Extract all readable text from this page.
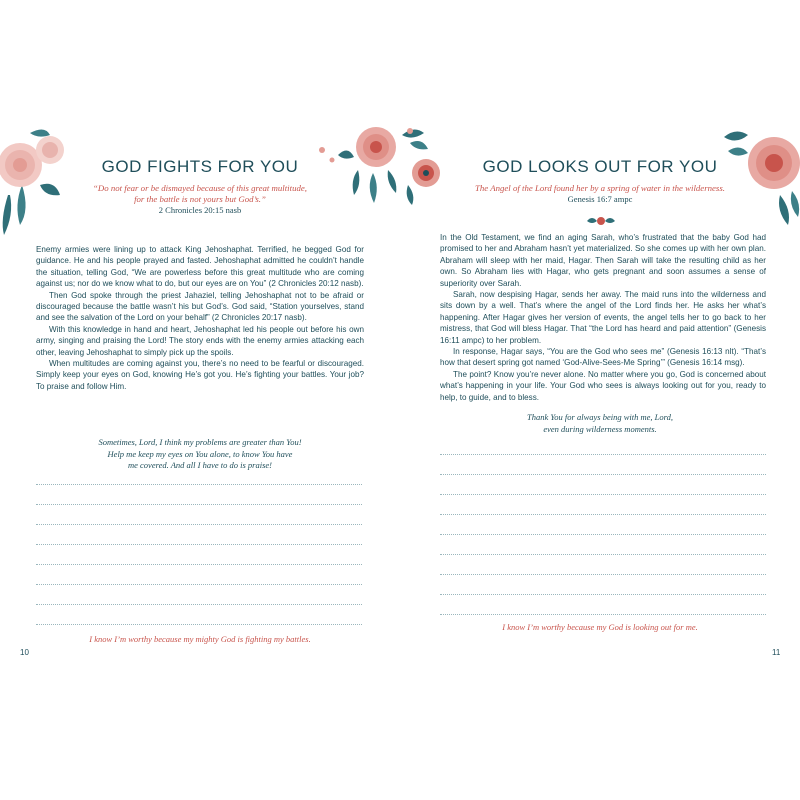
GOD FIGHTS FOR YOU
“Do not fear or be dismayed because of this great multitude,
for the battle is not yours but God’s.”
2 Chronicles 20:15 nasb

Enemy armies were lining up to attack King Jehoshaphat. Terrified, he begged God for guidance. He and his people prayed and fasted. Jehoshaphat admitted he couldn’t handle the situation, telling God, “We are powerless before this great multitude who are coming against us; nor do we know what to do, but our eyes are on You” (2 Chronicles 20:12 nasb).

Then God spoke through the priest Jahaziel, telling Jehoshaphat not to be afraid or discouraged because the battle wasn’t his but God’s. God said, “Station yourselves, stand and see the salvation of the Lord on your behalf” (2 Chronicles 20:17 nasb).

With this knowledge in hand and heart, Jehoshaphat led his people out before his own army, singing and praising the Lord! The story ends with the enemy armies attacking each other, leaving Jehoshaphat to simply pick up the spoils.

When multitudes are coming against you, there’s no need to be fearful or discouraged. Simply keep your eyes on God, knowing He’s got you. He’s fighting your battles. Your job? To praise and follow Him.

Sometimes, Lord, I think my problems are greater than You!
Help me keep my eyes on You alone, to know You have
me covered. And all I have to do is praise!
I know I’m worthy because my mighty God is fighting my battles.
10
GOD LOOKS OUT FOR YOU
The Angel of the Lord found her by a spring of water in the wilderness.
Genesis 16:7 ampc

In the Old Testament, we find an aging Sarah, who’s frustrated that the baby God had promised to her and Abraham hasn’t yet materialized. So she comes up with her own plan. Abraham will sleep with her maid, Hagar. Then Sarah will take the resulting child as her own. So Abraham lies with Hagar, who gets pregnant and soon assumes a sense of superiority over Sarah.

Sarah, now despising Hagar, sends her away. The maid runs into the wilderness and sits down by a well. That’s where the angel of the Lord finds her. He asks her what’s happening. After Hagar gives her version of events, the angel tells her to go back to her mistress, that God will bless Hagar. That “the Lord has heard and paid attention” (Genesis 16:11 ampc) to her problem.

In response, Hagar says, “You are the God who sees me” (Genesis 16:13 nlt). “That’s how that desert spring got named ‘God-Alive-Sees-Me Spring’” (Genesis 16:14 msg).

The point? Know you’re never alone. No matter where you go, God is concerned about what’s happening in your life. Your God who sees is always looking out for you, ready to help, to guide, and to bless.

Thank You for always being with me, Lord,
even during wilderness moments.
I know I’m worthy because my God is looking out for me.
11
